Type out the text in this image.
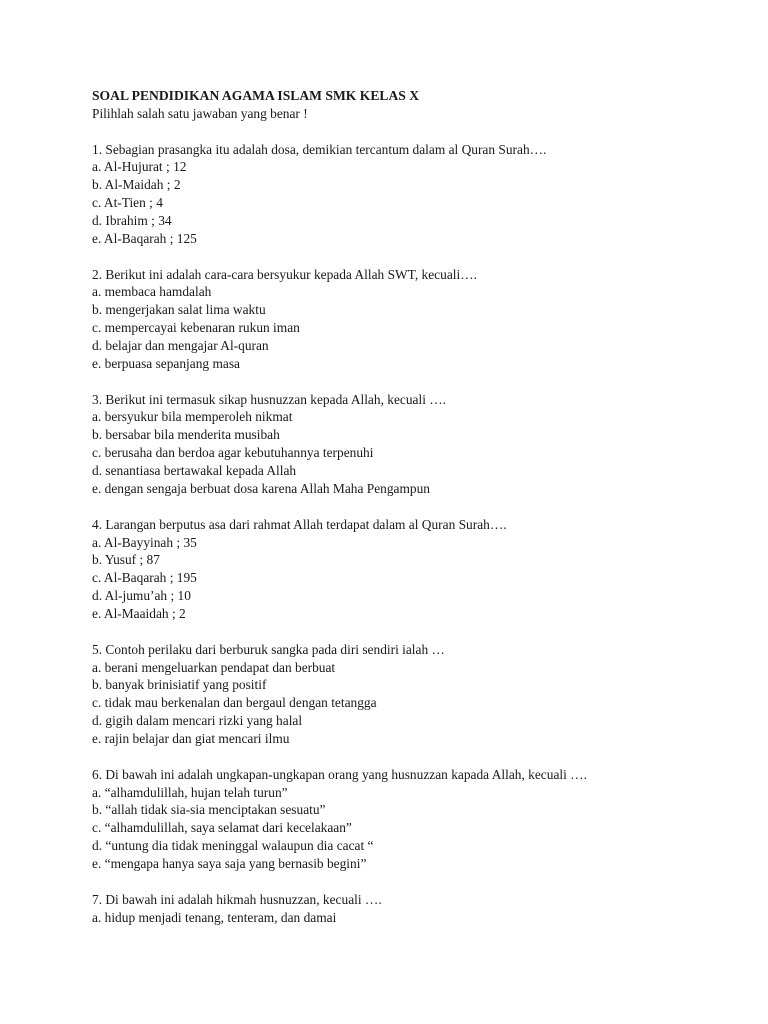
SOAL PENDIDIKAN AGAMA ISLAM SMK KELAS X

Pilihlah salah satu jawaban yang benar !

1. Sebagian prasangka itu adalah dosa, demikian tercantum dalam al Quran Surah….

a. Al-Hujurat ; 12

b. Al-Maidah ; 2

c. At-Tien ; 4

d. Ibrahim ; 34

e. Al-Baqarah ; 125

2. Berikut ini adalah cara-cara bersyukur kepada Allah SWT, kecuali….

a. membaca hamdalah

b. mengerjakan salat lima waktu

c. mempercayai kebenaran rukun iman

d. belajar dan mengajar Al-quran

e. berpuasa sepanjang masa

3. Berikut ini termasuk sikap husnuzzan kepada Allah, kecuali ….

a. bersyukur bila memperoleh nikmat

b. bersabar bila menderita musibah

c. berusaha dan berdoa agar kebutuhannya terpenuhi

d. senantiasa bertawakal kepada Allah

e. dengan sengaja berbuat dosa karena Allah Maha Pengampun

4. Larangan berputus asa dari rahmat Allah terdapat dalam al Quran Surah….

a. Al-Bayyinah ; 35

b. Yusuf ; 87

c. Al-Baqarah ; 195

d. Al-jumu’ah ; 10

e. Al-Maaidah ; 2

5. Contoh perilaku dari berburuk sangka pada diri sendiri ialah …

a. berani mengeluarkan pendapat dan berbuat

b. banyak brinisiatif yang positif

c. tidak mau berkenalan dan bergaul dengan tetangga

d. gigih dalam mencari rizki yang halal

e. rajin belajar dan giat mencari ilmu

6. Di bawah ini adalah ungkapan-ungkapan orang yang husnuzzan kapada Allah, kecuali ….

a. “alhamdulillah, hujan telah turun”

b. “allah tidak sia-sia menciptakan sesuatu”

c. “alhamdulillah, saya selamat dari kecelakaan”

d. “untung dia tidak meninggal walaupun dia cacat “

e. “mengapa hanya saya saja yang bernasib begini”

7. Di bawah ini adalah hikmah husnuzzan, kecuali ….

a. hidup menjadi tenang, tenteram, dan damai
